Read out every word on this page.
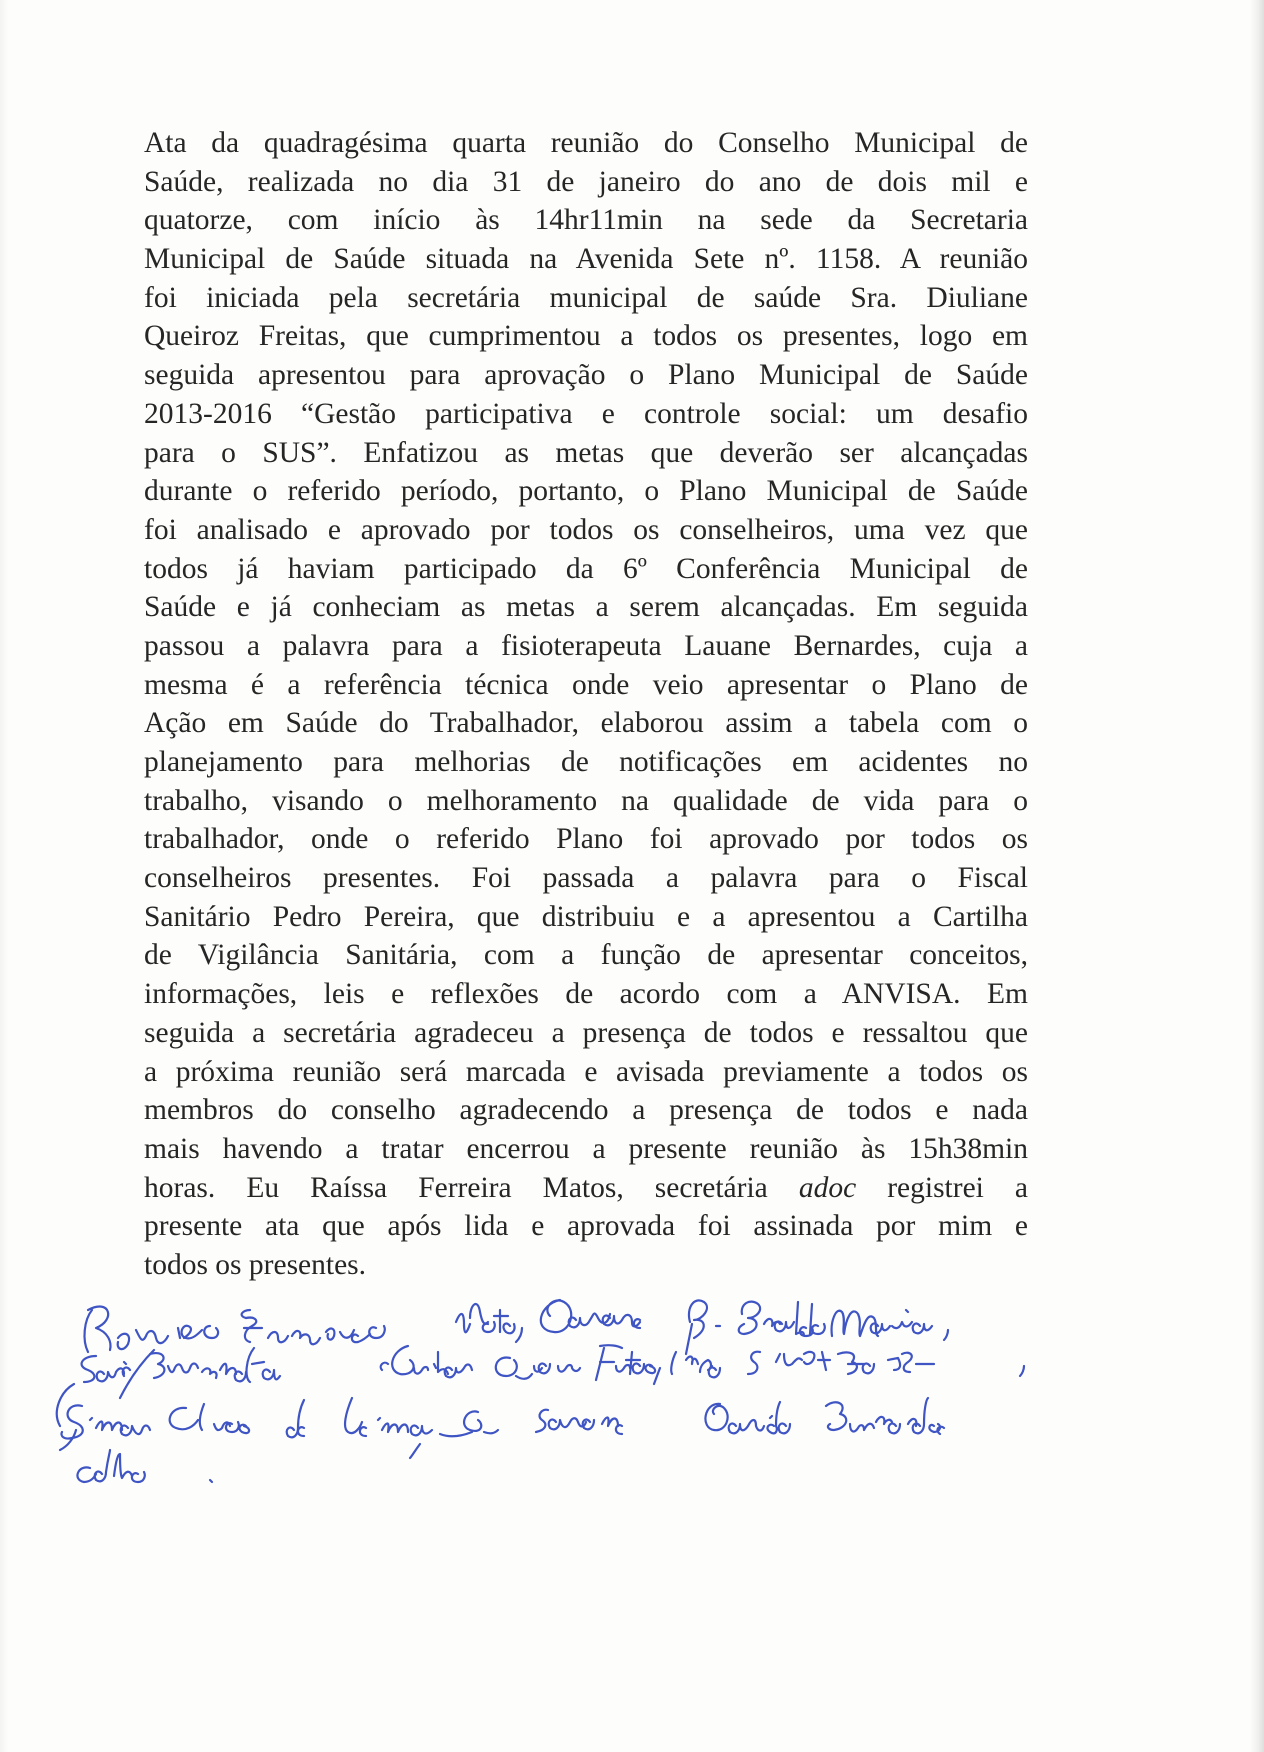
Ata da quadragésima quarta reunião do Conselho Municipal de
Saúde, realizada no dia 31 de janeiro do ano de dois mil e
quatorze, com início às 14hr11min na sede da Secretaria
Municipal de Saúde situada na Avenida Sete nº. 1158. A reunião
foi iniciada pela secretária municipal de saúde Sra. Diuliane
Queiroz Freitas, que cumprimentou a todos os presentes, logo em
seguida apresentou para aprovação o Plano Municipal de Saúde
2013-2016 “Gestão participativa e controle social: um desafio
para o SUS”. Enfatizou as metas que deverão ser alcançadas
durante o referido período, portanto, o Plano Municipal de Saúde
foi analisado e aprovado por todos os conselheiros, uma vez que
todos já haviam participado da 6º Conferência Municipal de
Saúde e já conheciam as metas a serem alcançadas. Em seguida
passou a palavra para a fisioterapeuta Lauane Bernardes, cuja a
mesma é a referência técnica onde veio apresentar o Plano de
Ação em Saúde do Trabalhador, elaborou assim a tabela com o
planejamento para melhorias de notificações em acidentes no
trabalho, visando o melhoramento na qualidade de vida para o
trabalhador, onde o referido Plano foi aprovado por todos os
conselheiros presentes. Foi passada a palavra para o Fiscal
Sanitário Pedro Pereira, que distribuiu e a apresentou a Cartilha
de Vigilância Sanitária, com a função de apresentar conceitos,
informações, leis e reflexões de acordo com a ANVISA. Em
seguida a secretária agradeceu a presença de todos e ressaltou que
a próxima reunião será marcada e avisada previamente a todos os
membros do conselho agradecendo a presença de todos e nada
mais havendo a tratar encerrou a presente reunião às 15h38min
horas. Eu Raíssa Ferreira Matos, secretária adoc registrei a
presente ata que após lida e aprovada foi assinada por mim e
todos os presentes.
